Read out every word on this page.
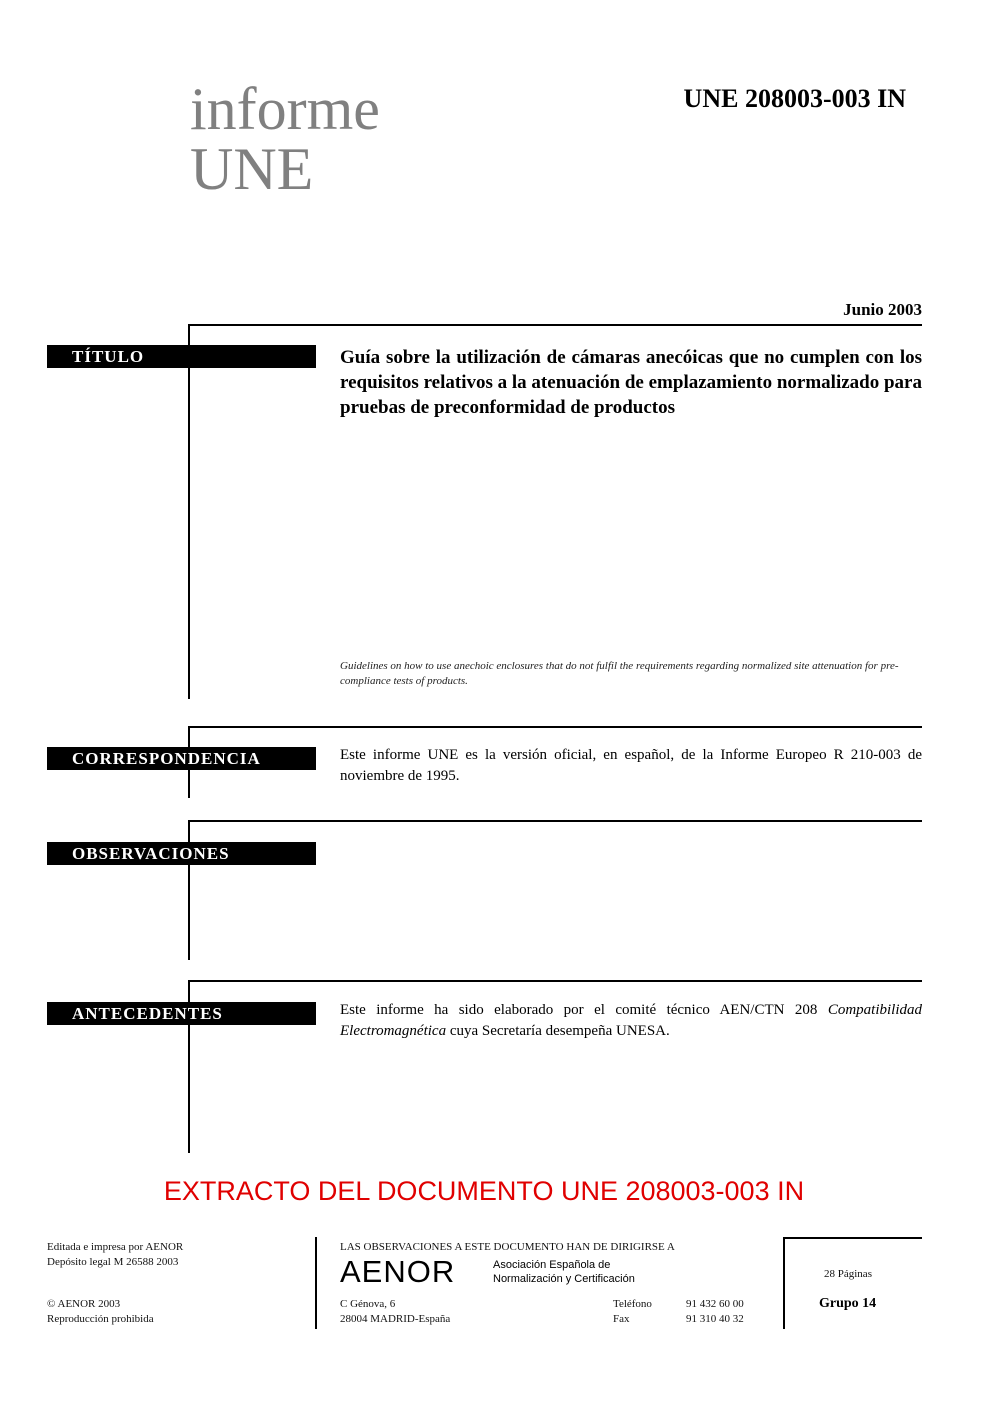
informe
UNE
UNE 208003-003 IN
Junio 2003
TÍTULO	Guía sobre la utilización de cámaras anecóicas que no cumplen con los requisitos relativos a la atenuación de emplazamiento normalizado para pruebas de preconformidad de productos
Guidelines on how to use anechoic enclosures that do not fulfil the requirements regarding normalized site attenuation for pre-compliance tests of products.
CORRESPONDENCIA	Este informe UNE es la versión oficial, en español, de la Informe Europeo R 210-003 de noviembre de 1995.
OBSERVACIONES
ANTECEDENTES	Este informe ha sido elaborado por el comité técnico AEN/CTN 208 Compatibilidad Electromagnética cuya Secretaría desempeña UNESA.
EXTRACTO DEL DOCUMENTO UNE 208003-003 IN
Editada e impresa por AENOR
Depósito legal M 26588 2003
© AENOR 2003
Reproducción prohibida
LAS OBSERVACIONES A ESTE DOCUMENTO HAN DE DIRIGIRSE A
AENOR	Asociación Española de
Normalización y Certificación
C Génova, 6
28004 MADRID-España
Teléfono	91 432 60 00
Fax	91 310 40 32
28 Páginas
Grupo 14
